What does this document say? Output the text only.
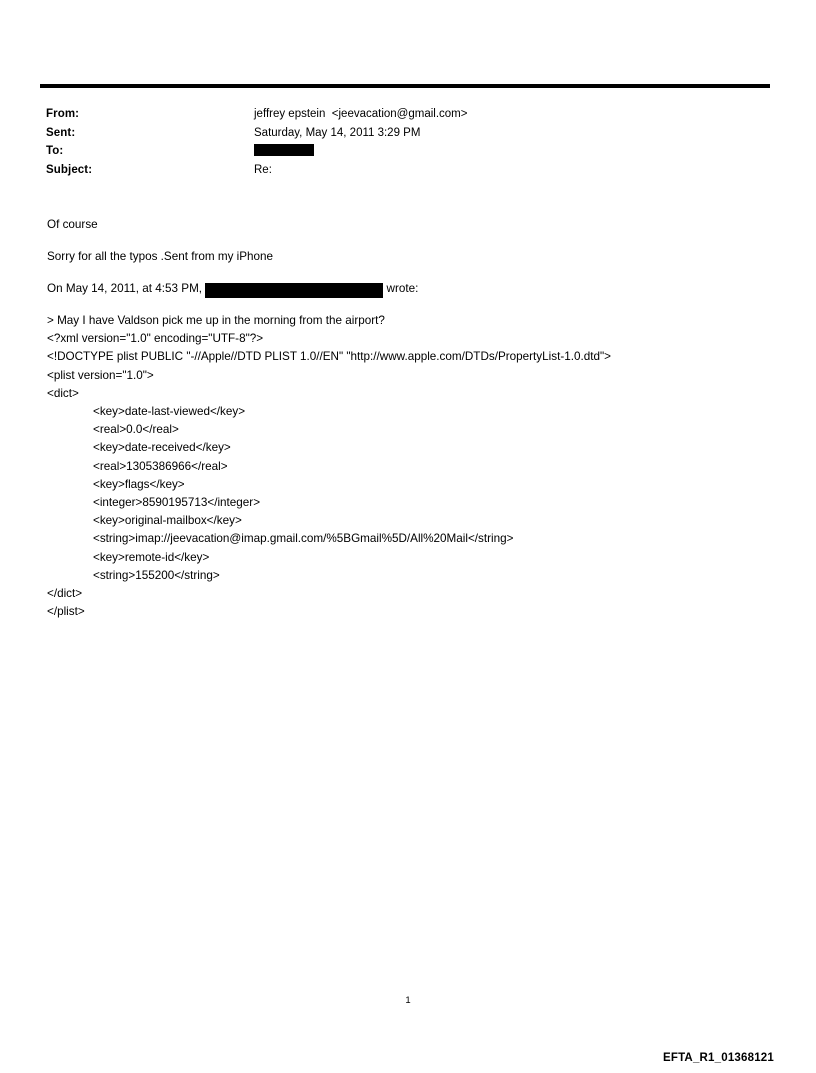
From:	jeffrey epstein  <jeevacation@gmail.com>
Sent:	Saturday, May 14, 2011 3:29 PM
To:
Subject:	Re:

Of course

Sorry for all the typos .Sent from my iPhone

On May 14, 2011, at 4:53 PM,	wrote:

> May I have Valdson pick me up in the morning from the airport?

<?xml version="1.0" encoding="UTF-8"?>

<!DOCTYPE plist PUBLIC "-//Apple//DTD PLIST 1.0//EN" "http://www.apple.com/DTDs/PropertyList-1.0.dtd">

<plist version="1.0">

<dict>

<key>date-last-viewed</key>

<real>0.0</real>

<key>date-received</key>

<real>1305386966</real>

<key>flags</key>

<integer>8590195713</integer>

<key>original-mailbox</key>

<string>imap://jeevacation@imap.gmail.com/%5BGmail%5D/All%20Mail</string>

<key>remote-id</key>

<string>155200</string>

</dict>

</plist>

1
EFTA_R1_01368121
